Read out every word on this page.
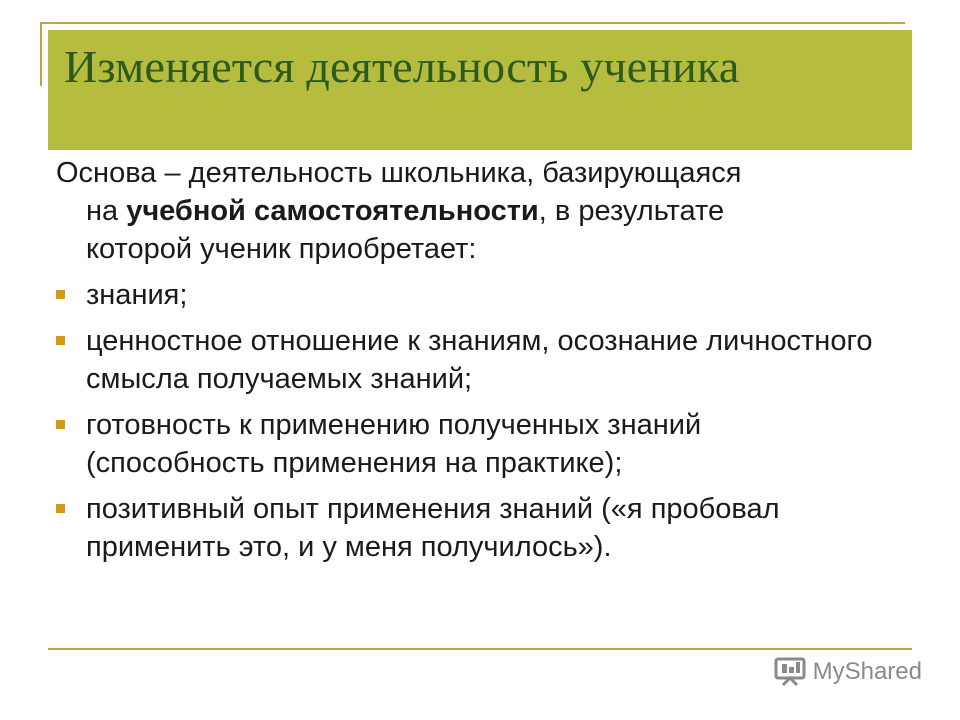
Изменяется деятельность ученика

Основа – деятельность школьника, базирующаяся
на учебной самостоятельности, в результате
которой ученик приобретает:

знания;
ценностное отношение к знаниям, осознание личностного смысла получаемых знаний;
готовность к применению полученных знаний (способность применения на практике);
позитивный опыт применения знаний («я пробовал применить это, и у меня получилось»).
MyShared
